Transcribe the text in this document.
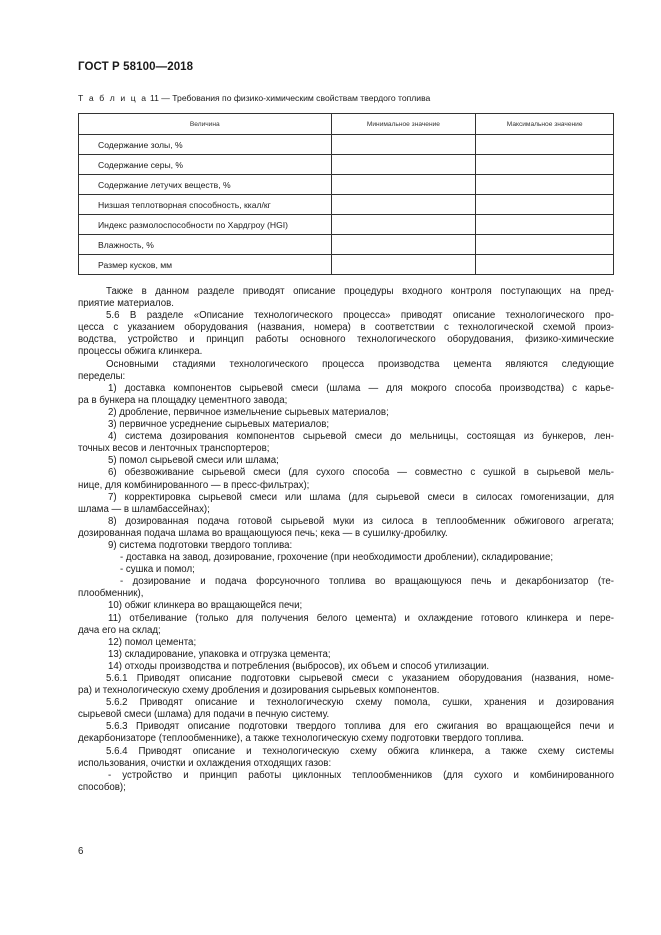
ГОСТ Р 58100—2018
Т а б л и ц а 11 — Требования по физико-химическим свойствам твердого топлива
Величина	Минимальное значение	Максимальное значение
Содержание золы, %		
Содержание серы, %		
Содержание летучих веществ, %		
Низшая теплотворная способность, ккал/кг		
Индекс размолоспособности по Хардгроу (HGI)		
Влажность, %		
Размер кусков, мм		

Также в данном разделе приводят описание процедуры входного контроля поступающих на пред-

приятие материалов.

5.6 В разделе «Описание технологического процесса» приводят описание технологического про-

цесса с указанием оборудования (названия, номера) в соответствии с технологической схемой произ-

водства, устройство и принцип работы основного технологического оборудования, физико-химические

процессы обжига клинкера.

Основными стадиями технологического процесса производства цемента являются следующие

переделы:

1) доставка компонентов сырьевой смеси (шлама — для мокрого способа производства) с карье-

ра в бункера на площадку цементного завода;

2) дробление, первичное измельчение сырьевых материалов;

3) первичное усреднение сырьевых материалов;

4) система дозирования компонентов сырьевой смеси до мельницы, состоящая из бункеров, лен-

точных весов и ленточных транспортеров;

5) помол сырьевой смеси или шлама;

6) обезвоживание сырьевой смеси (для сухого способа — совместно с сушкой в сырьевой мель-

нице, для комбинированного — в пресс-фильтрах);

7) корректировка сырьевой смеси или шлама (для сырьевой смеси в силосах гомогенизации, для

шлама — в шламбассейнах);

8) дозированная подача готовой сырьевой муки из силоса в теплообменник обжигового агрегата;

дозированная подача шлама во вращающуюся печь; кека — в сушилку-дробилку.

9) система подготовки твердого топлива:

- доставка на завод, дозирование, грохочение (при необходимости дроблении), складирование;

- сушка и помол;

- дозирование и подача форсуночного топлива во вращающуюся печь и декарбонизатор (те-

плообменник),

10) обжиг клинкера во вращающейся печи;

11) отбеливание (только для получения белого цемента) и охлаждение готового клинкера и пере-

дача его на склад;

12) помол цемента;

13) складирование, упаковка и отгрузка цемента;

14) отходы производства и потребления (выбросов), их объем и способ утилизации.

5.6.1 Приводят описание подготовки сырьевой смеси с указанием оборудования (названия, номе-

ра) и технологическую схему дробления и дозирования сырьевых компонентов.

5.6.2 Приводят описание и технологическую схему помола, сушки, хранения и дозирования

сырьевой смеси (шлама) для подачи в печную систему.

5.6.3 Приводят описание подготовки твердого топлива для его сжигания во вращающейся печи и

декарбонизаторе (теплообменнике), а также технологическую схему подготовки твердого топлива.

5.6.4 Приводят описание и технологическую схему обжига клинкера, а также схему системы

использования, очистки и охлаждения отходящих газов:

- устройство и принцип работы циклонных теплообменников (для сухого и комбинированного

способов);

6
